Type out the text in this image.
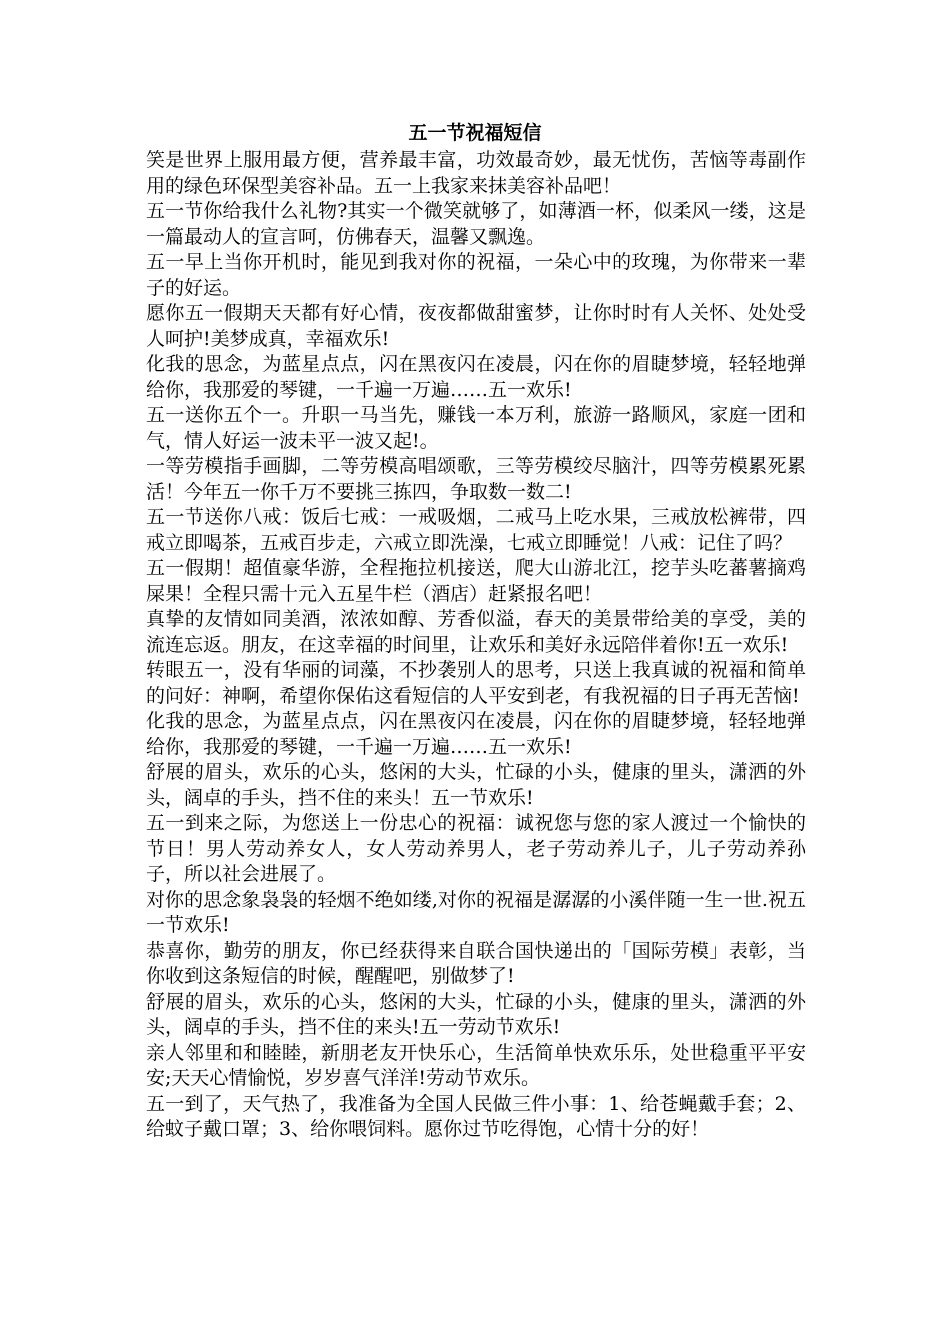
五一节祝福短信

笑是世界上服用最方便，营养最丰富，功效最奇妙，最无忧伤，苦恼等毒副作用的绿色环保型美容补品。五一上我家来抹美容补品吧！

五一节你给我什么礼物?其实一个微笑就够了，如薄酒一杯，似柔风一缕，这是一篇最动人的宣言呵，仿佛春天，温馨又飘逸。

五一早上当你开机时，能见到我对你的祝福，一朵心中的玫瑰，为你带来一辈子的好运。

愿你五一假期天天都有好心情，夜夜都做甜蜜梦，让你时时有人关怀、处处受人呵护!美梦成真，幸福欢乐!

化我的思念，为蓝星点点，闪在黑夜闪在凌晨，闪在你的眉睫梦境，轻轻地弹给你，我那爱的琴键，一千遍一万遍……五一欢乐!

五一送你五个一。升职一马当先，赚钱一本万利，旅游一路顺风，家庭一团和气，情人好运一波未平一波又起!。

一等劳模指手画脚，二等劳模高唱颂歌，三等劳模绞尽脑汁，四等劳模累死累活！今年五一你千万不要挑三拣四，争取数一数二!

五一节送你八戒：饭后七戒：一戒吸烟，二戒马上吃水果，三戒放松裤带，四戒立即喝茶，五戒百步走，六戒立即洗澡，七戒立即睡觉！八戒：记住了吗？

五一假期！超值豪华游，全程拖拉机接送，爬大山游北江，挖芋头吃蕃薯摘鸡屎果！全程只需十元入五星牛栏（酒店）赶紧报名吧！

真挚的友情如同美酒，浓浓如醇、芳香似溢，春天的美景带给美的享受，美的流连忘返。朋友，在这幸福的时间里，让欢乐和美好永远陪伴着你!五一欢乐!

转眼五一，没有华丽的词藻，不抄袭别人的思考，只送上我真诚的祝福和简单的问好：神啊，希望你保佑这看短信的人平安到老，有我祝福的日子再无苦恼!

化我的思念，为蓝星点点，闪在黑夜闪在凌晨，闪在你的眉睫梦境，轻轻地弹给你，我那爱的琴键，一千遍一万遍……五一欢乐!

舒展的眉头，欢乐的心头，悠闲的大头，忙碌的小头，健康的里头，潇洒的外头，阔卓的手头，挡不住的来头！五一节欢乐!

五一到来之际，为您送上一份忠心的祝福：诚祝您与您的家人渡过一个愉快的节日！男人劳动养女人，女人劳动养男人，老子劳动养儿子，儿子劳动养孙子，所以社会进展了。

对你的思念象袅袅的轻烟不绝如缕,对你的祝福是潺潺的小溪伴随一生一世.祝五一节欢乐!

恭喜你，勤劳的朋友，你已经获得来自联合国快递出的「国际劳模」表彰，当你收到这条短信的时候，醒醒吧，别做梦了!

舒展的眉头，欢乐的心头，悠闲的大头，忙碌的小头，健康的里头，潇洒的外头，阔卓的手头，挡不住的来头!五一劳动节欢乐!

亲人邻里和和睦睦，新朋老友开快乐心，生活简单快欢乐乐，处世稳重平平安安;天天心情愉悦，岁岁喜气洋洋!劳动节欢乐。

五一到了，天气热了，我准备为全国人民做三件小事：1、给苍蝇戴手套；2、给蚊子戴口罩；3、给你喂饲料。愿你过节吃得饱，心情十分的好！
